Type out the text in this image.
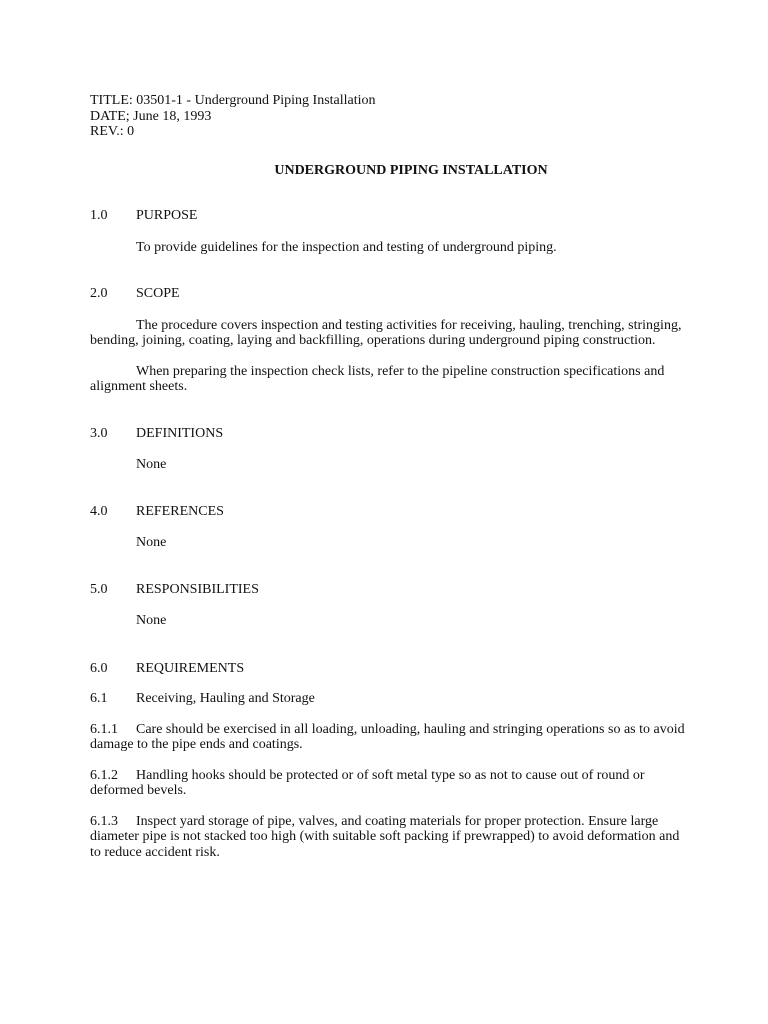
TITLE: 03501-1 - Underground Piping Installation
DATE; June 18, 1993
REV.: 0
UNDERGROUND PIPING INSTALLATION
1.0	PURPOSE
To provide guidelines for the inspection and testing of underground piping.
2.0	SCOPE
The procedure covers inspection and testing activities for receiving, hauling, trenching, stringing, bending, joining, coating, laying and backfilling, operations during underground piping construction.
When preparing the inspection check lists, refer to the pipeline construction specifications and alignment sheets.
3.0	DEFINITIONS
None
4.0	REFERENCES
None
5.0	RESPONSIBILITIES
None
6.0	REQUIREMENTS
6.1	Receiving, Hauling and Storage
6.1.1 Care should be exercised in all loading, unloading, hauling and stringing operations so as to avoid damage to the pipe ends and coatings.
6.1.2 Handling hooks should be protected or of soft metal type so as not to cause out of round or deformed bevels.
6.1.3 Inspect yard storage of pipe, valves, and coating materials for proper protection. Ensure large diameter pipe is not stacked too high (with suitable soft packing if prewrapped) to avoid deformation and to reduce accident risk.
